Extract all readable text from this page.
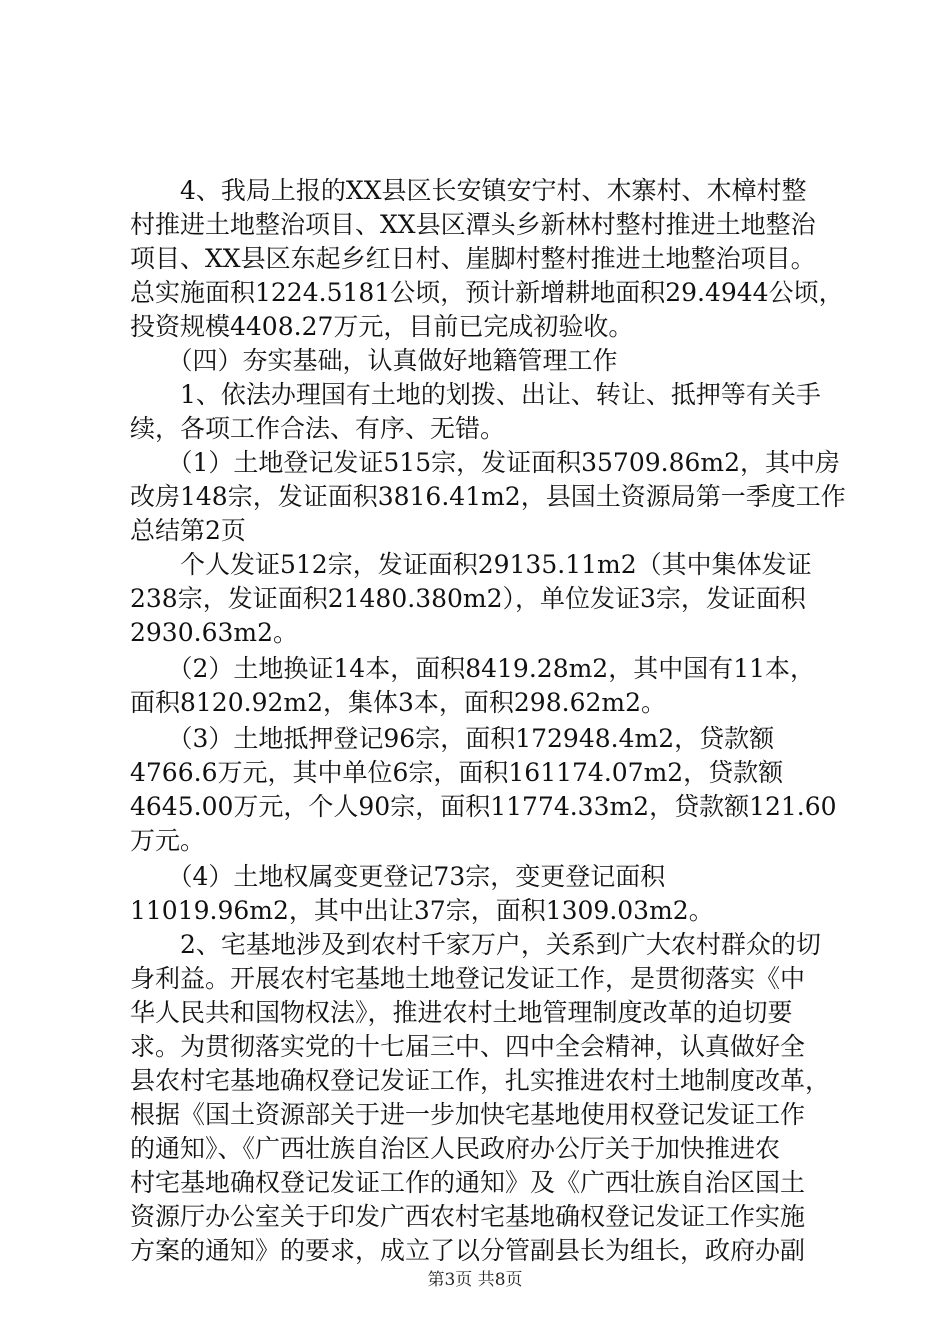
　　4、我局上报的XX县区长安镇安宁村、木寨村、木樟村整
村推进土地整治项目、XX县区潭头乡新林村整村推进土地整治
项目、XX县区东起乡红日村、崖脚村整村推进土地整治项目。
总实施面积1224.5181公顷，预计新增耕地面积29.4944公顷，
投资规模4408.27万元，目前已完成初验收。
　　（四）夯实基础，认真做好地籍管理工作
　　1、依法办理国有土地的划拨、出让、转让、抵押等有关手
续，各项工作合法、有序、无错。
　　（1）土地登记发证515宗，发证面积35709.86m2，其中房
改房148宗，发证面积3816.41m2，县国土资源局第一季度工作
总结第2页
　　个人发证512宗，发证面积29135.11m2（其中集体发证
238宗，发证面积21480.380m2），单位发证3宗，发证面积
2930.63m2。
　　（2）土地换证14本，面积8419.28m2，其中国有11本，
面积8120.92m2，集体3本，面积298.62m2。
　　（3）土地抵押登记96宗，面积172948.4m2，贷款额
4766.6万元，其中单位6宗，面积161174.07m2，贷款额
4645.00万元，个人90宗，面积11774.33m2，贷款额121.60
万元。
　　（4）土地权属变更登记73宗，变更登记面积
11019.96m2，其中出让37宗，面积1309.03m2。
　　2、宅基地涉及到农村千家万户，关系到广大农村群众的切
身利益。开展农村宅基地土地登记发证工作，是贯彻落实《中
华人民共和国物权法》，推进农村土地管理制度改革的迫切要
求。为贯彻落实党的十七届三中、四中全会精神，认真做好全
县农村宅基地确权登记发证工作，扎实推进农村土地制度改革，
根据《国土资源部关于进一步加快宅基地使用权登记发证工作
的通知》、《广西壮族自治区人民政府办公厅关于加快推进农
村宅基地确权登记发证工作的通知》及《广西壮族自治区国土
资源厅办公室关于印发广西农村宅基地确权登记发证工作实施
方案的通知》的要求，成立了以分管副县长为组长，政府办副
第3页 共8页
